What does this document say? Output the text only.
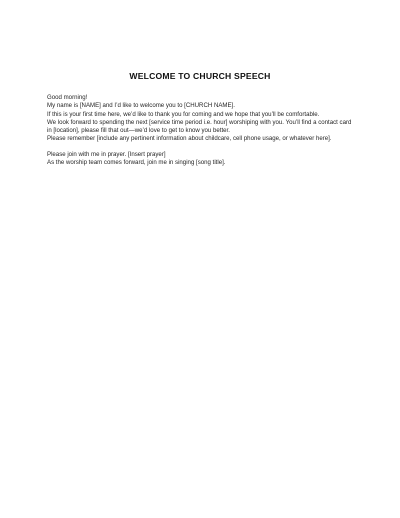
WELCOME TO CHURCH SPEECH

Good morning!

My name is [NAME] and I’d like to welcome you to [CHURCH NAME].

If this is your first time here, we’d like to thank you for coming and we hope that you’ll be comfortable.

We look forward to spending the next [service time period i.e. hour] worshiping with you. You’ll find a contact card in [location], please fill that out—we’d love to get to know you better.

Please remember [include any pertinent information about childcare, cell phone usage, or whatever here].

Please join with me in prayer. [Insert prayer]

As the worship team comes forward, join me in singing [song title].
